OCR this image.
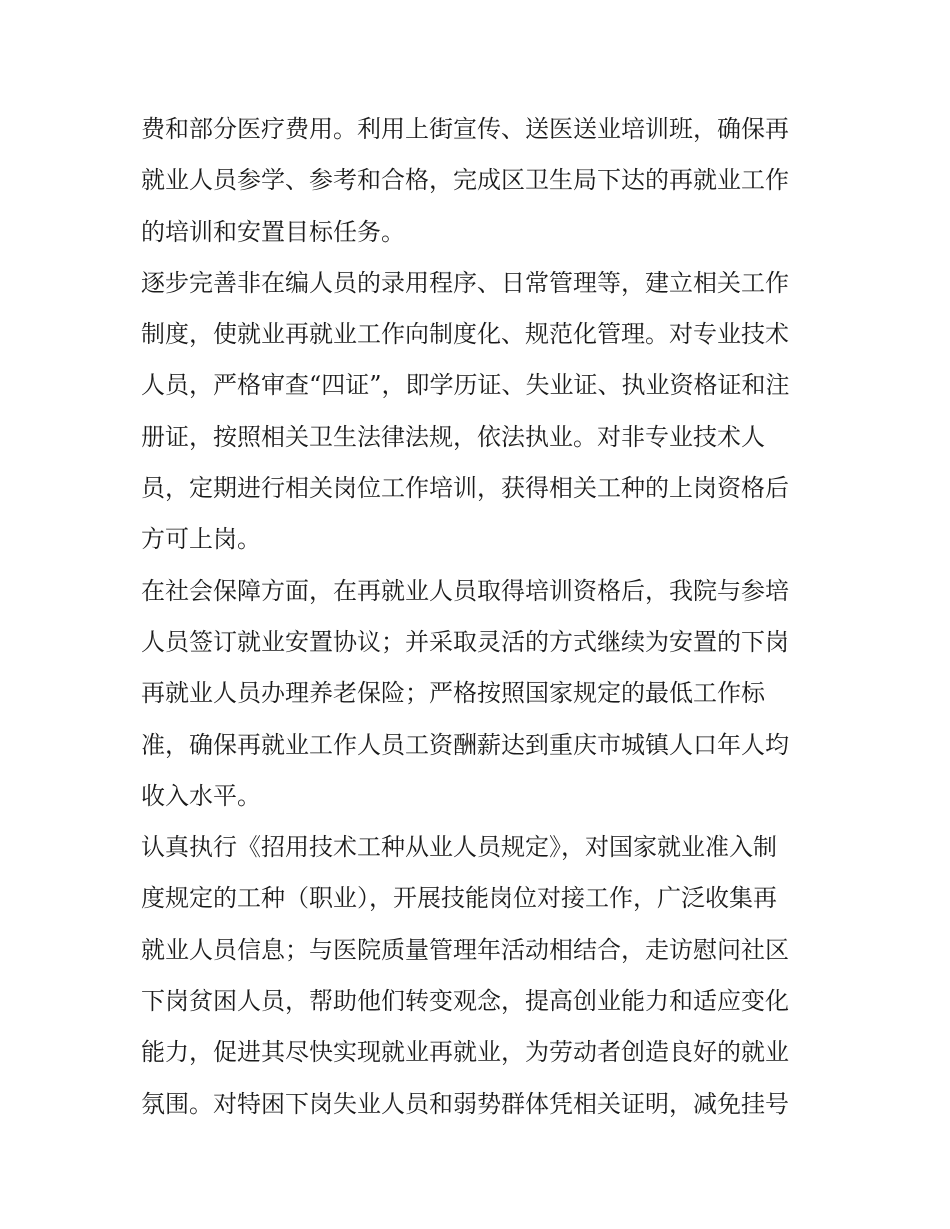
费和部分医疗费用。利用上街宣传、送医送业培训班，确保再
就业人员参学、参考和合格，完成区卫生局下达的再就业工作
的培训和安置目标任务。
逐步完善非在编人员的录用程序、日常管理等，建立相关工作
制度，使就业再就业工作向制度化、规范化管理。对专业技术
人员，严格审查“四证”，即学历证、失业证、执业资格证和注
册证，按照相关卫生法律法规，依法执业。对非专业技术人
员，定期进行相关岗位工作培训，获得相关工种的上岗资格后
方可上岗。
在社会保障方面，在再就业人员取得培训资格后，我院与参培
人员签订就业安置协议；并采取灵活的方式继续为安置的下岗
再就业人员办理养老保险；严格按照国家规定的最低工作标
准，确保再就业工作人员工资酬薪达到重庆市城镇人口年人均
收入水平。
认真执行《招用技术工种从业人员规定》，对国家就业准入制
度规定的工种（职业），开展技能岗位对接工作，广泛收集再
就业人员信息；与医院质量管理年活动相结合，走访慰问社区
下岗贫困人员，帮助他们转变观念，提高创业能力和适应变化
能力，促进其尽快实现就业再就业，为劳动者创造良好的就业
氛围。对特困下岗失业人员和弱势群体凭相关证明，减免挂号
